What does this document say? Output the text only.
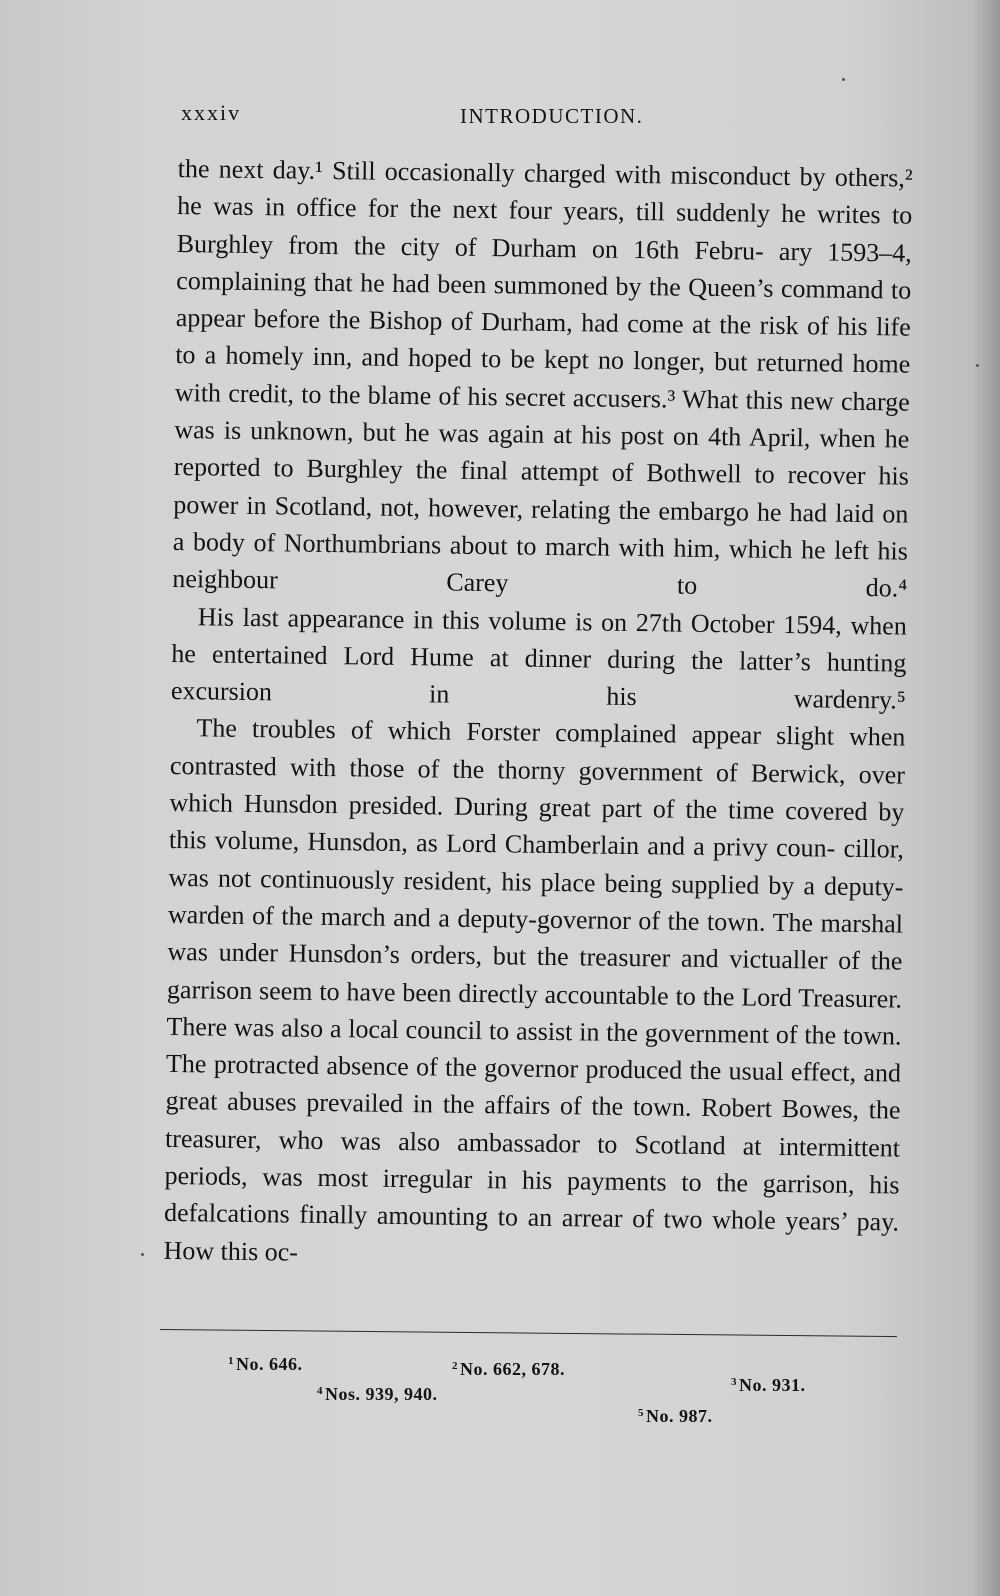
xxxiv	INTRODUCTION.

the next day.¹ Still occasionally charged with misconduct by others,² he was in office for the next four years, till suddenly he writes to Burghley from the city of Durham on 16th Febru- ary 1593–4, complaining that he had been summoned by the Queen’s command to appear before the Bishop of Durham, had come at the risk of his life to a homely inn, and hoped to be kept no longer, but returned home with credit, to the blame of his secret accusers.³ What this new charge was is unknown, but he was again at his post on 4th April, when he reported to Burghley the final attempt of Bothwell to recover his power in Scotland, not, however, relating the embargo he had laid on a body of Northumbrians about to march with him, which he left his neighbour Carey to do.⁴

His last appearance in this volume is on 27th October 1594, when he entertained Lord Hume at dinner during the latter’s hunting excursion in his wardenry.⁵

The troubles of which Forster complained appear slight when contrasted with those of the thorny government of Berwick, over which Hunsdon presided. During great part of the time covered by this volume, Hunsdon, as Lord Chamberlain and a privy coun- cillor, was not continuously resident, his place being supplied by a deputy-warden of the march and a deputy-governor of the town. The marshal was under Hunsdon’s orders, but the treasurer and victualler of the garrison seem to have been directly accountable to the Lord Treasurer. There was also a local council to assist in the government of the town. The protracted absence of the governor produced the usual effect, and great abuses prevailed in the affairs of the town. Robert Bowes, the treasurer, who was also ambassador to Scotland at intermittent periods, was most irregular in his payments to the garrison, his defalcations finally amounting to an arrear of two whole years’ pay. How this oc-

$^1$ No. 646.	$^2$ No. 662, 678.
$^3$ No. 931.
$^4$ Nos. 939, 940.
$^5$ No. 987.
